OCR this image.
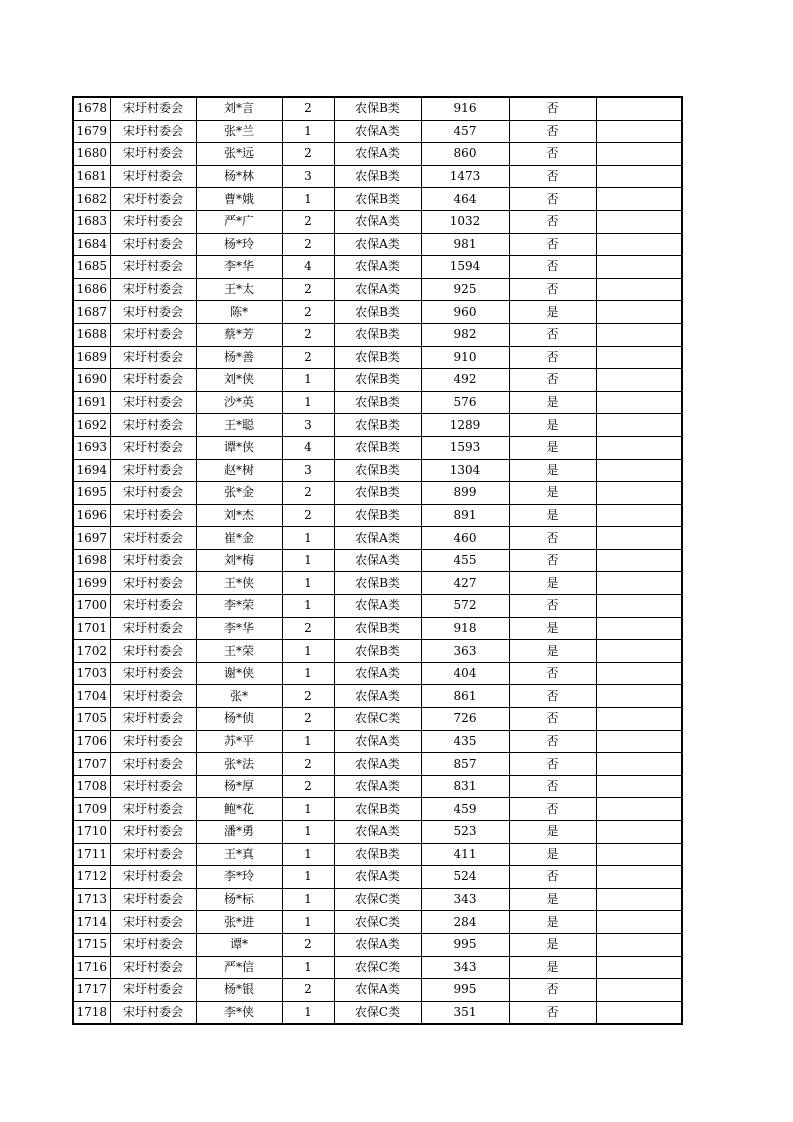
1678	宋圩村委会	刘*言	2	农保B类	916	否	
1679	宋圩村委会	张*兰	1	农保A类	457	否	
1680	宋圩村委会	张*远	2	农保A类	860	否	
1681	宋圩村委会	杨*林	3	农保B类	1473	否	
1682	宋圩村委会	曹*娥	1	农保B类	464	否	
1683	宋圩村委会	严*广	2	农保A类	1032	否	
1684	宋圩村委会	杨*玲	2	农保A类	981	否	
1685	宋圩村委会	李*华	4	农保A类	1594	否	
1686	宋圩村委会	王*太	2	农保A类	925	否	
1687	宋圩村委会	陈*	2	农保B类	960	是	
1688	宋圩村委会	蔡*芳	2	农保B类	982	否	
1689	宋圩村委会	杨*善	2	农保B类	910	否	
1690	宋圩村委会	刘*侠	1	农保B类	492	否	
1691	宋圩村委会	沙*英	1	农保B类	576	是	
1692	宋圩村委会	王*聪	3	农保B类	1289	是	
1693	宋圩村委会	谭*侠	4	农保B类	1593	是	
1694	宋圩村委会	赵*树	3	农保B类	1304	是	
1695	宋圩村委会	张*金	2	农保B类	899	是	
1696	宋圩村委会	刘*杰	2	农保B类	891	是	
1697	宋圩村委会	崔*金	1	农保A类	460	否	
1698	宋圩村委会	刘*梅	1	农保A类	455	否	
1699	宋圩村委会	王*侠	1	农保B类	427	是	
1700	宋圩村委会	李*荣	1	农保A类	572	否	
1701	宋圩村委会	李*华	2	农保B类	918	是	
1702	宋圩村委会	王*荣	1	农保B类	363	是	
1703	宋圩村委会	谢*侠	1	农保A类	404	否	
1704	宋圩村委会	张*	2	农保A类	861	否	
1705	宋圩村委会	杨*侦	2	农保C类	726	否	
1706	宋圩村委会	苏*平	1	农保A类	435	否	
1707	宋圩村委会	张*法	2	农保A类	857	否	
1708	宋圩村委会	杨*厚	2	农保A类	831	否	
1709	宋圩村委会	鲍*花	1	农保B类	459	否	
1710	宋圩村委会	潘*勇	1	农保A类	523	是	
1711	宋圩村委会	王*真	1	农保B类	411	是	
1712	宋圩村委会	李*玲	1	农保A类	524	否	
1713	宋圩村委会	杨*标	1	农保C类	343	是	
1714	宋圩村委会	张*进	1	农保C类	284	是	
1715	宋圩村委会	谭*	2	农保A类	995	是	
1716	宋圩村委会	严*信	1	农保C类	343	是	
1717	宋圩村委会	杨*银	2	农保A类	995	否	
1718	宋圩村委会	李*侠	1	农保C类	351	否	
